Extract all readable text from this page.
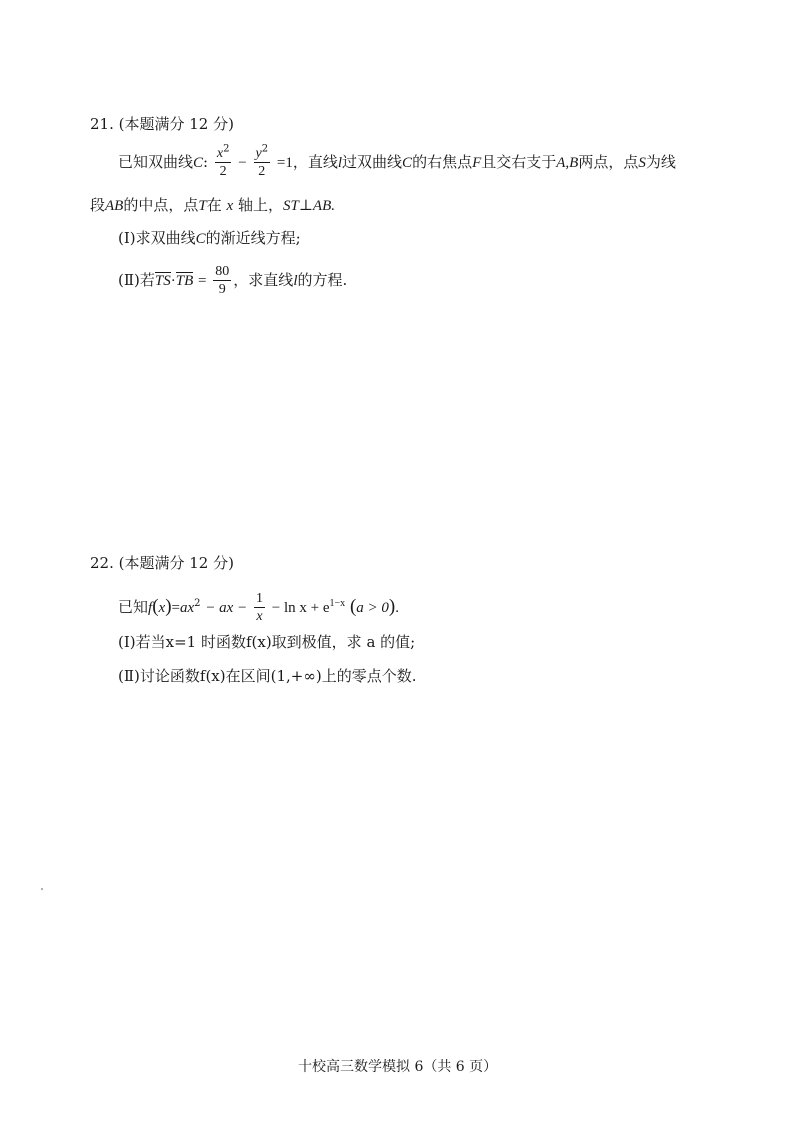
21. (本题满分 12 分)
已知双曲线C: $\frac{x^2}{2} - \frac{y^2}{2} =1$，直线l过双曲线C的右焦点F且交右支于A,B两点，点S为线
段AB的中点，点T在 x 轴上，ST⊥AB.
(Ⅰ)求双曲线C的渐近线方程;
(Ⅱ)若$TS\cdot TB = \frac{80}{9}$ ，求直线l的方程.
22. (本题满分 12 分)
已知$f(x)=ax^2$ − ax − $\frac{1}{x} - \ln x + e^{1-x}$ (a > 0).
(Ⅰ)若当x=1 时函数f(x)取到极值，求 a 的值;
(Ⅱ)讨论函数f(x)在区间(1,+∞)上的零点个数.
十校高三数学模拟 6（共 6 页）
